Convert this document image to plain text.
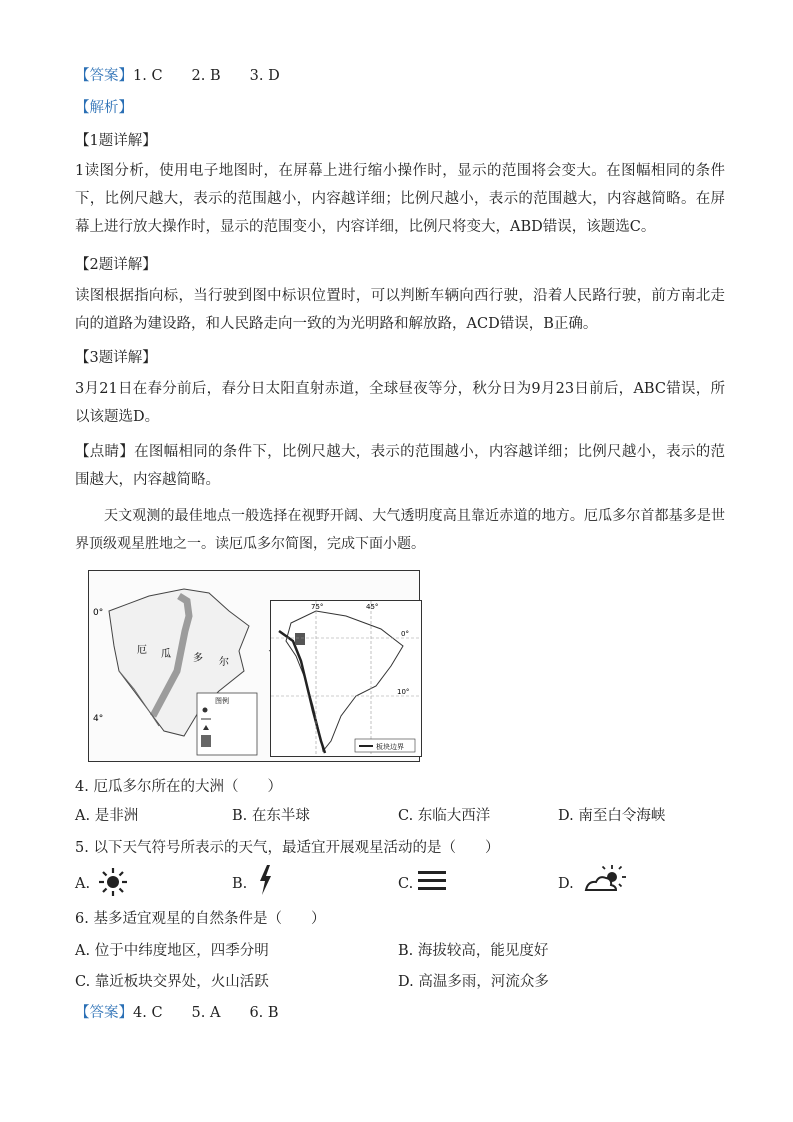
【答案】1. C　　2. B　　3. D
【解析】
【1题详解】
1读图分析，使用电子地图时，在屏幕上进行缩小操作时，显示的范围将会变大。在图幅相同的条件下，比例尺越大，表示的范围越小，内容越详细；比例尺越小，表示的范围越大，内容越简略。在屏幕上进行放大操作时，显示的范围变小，内容详细，比例尺将变大，ABD错误，该题选C。
【2题详解】
读图根据指向标，当行驶到图中标识位置时，可以判断车辆向西行驶，沿着人民路行驶，前方南北走向的道路为建设路，和人民路走向一致的为光明路和解放路，ACD错误，B正确。
【3题详解】
3月21日在春分前后，春分日太阳直射赤道，全球昼夜等分，秋分日为9月23日前后，ABC错误，所以该题选D。
【点睛】在图幅相同的条件下，比例尺越大，表示的范围越小，内容越详细；比例尺越小，表示的范围越大，内容越简略。
天文观测的最佳地点一般选择在视野开阔、大气透明度高且靠近赤道的地方。厄瓜多尔首都基多是世界顶级观星胜地之一。读厄瓜多尔简图，完成下面小题。
0°
4°
厄 瓜 多 尔
图例
75°	45°
0°
10°
板块边界
4. 厄瓜多尔所在的大洲（　　）
A. 是非洲	B. 在东半球	C. 东临大西洋	D. 南至白令海峡
5. 以下天气符号所表示的天气，最适宜开展观星活动的是（　　）
A.	B.	C.	D.
6. 基多适宜观星的自然条件是（　　）
A. 位于中纬度地区，四季分明	B. 海拔较高，能见度好
C. 靠近板块交界处，火山活跃	D. 高温多雨，河流众多
【答案】4. C　　5. A　　6. B
